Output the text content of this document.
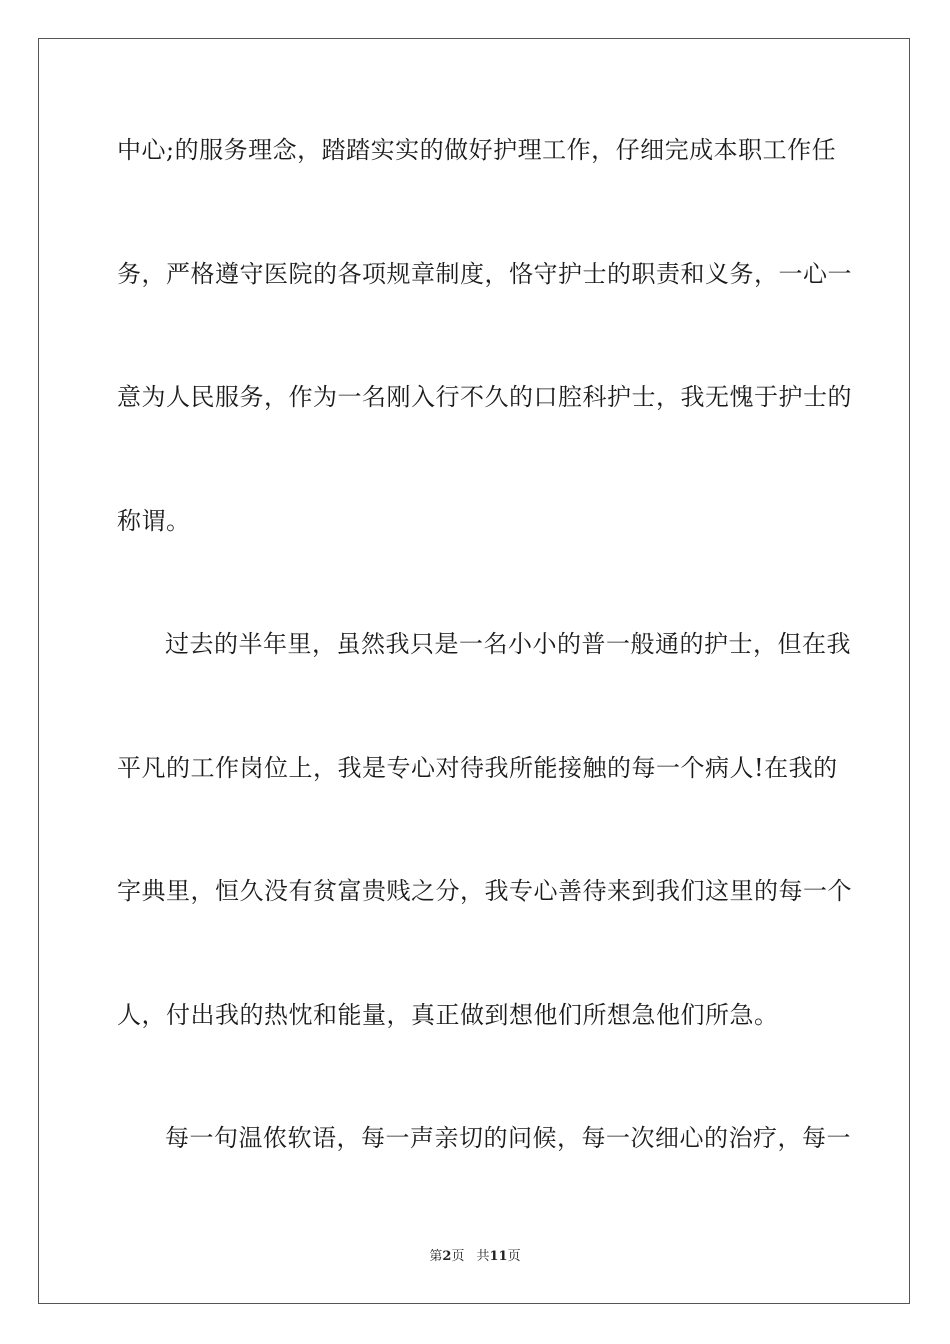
中心;的服务理念，踏踏实实的做好护理工作，仔细完成本职工作任
务，严格遵守医院的各项规章制度，恪守护士的职责和义务，一心一
意为人民服务，作为一名刚入行不久的口腔科护士，我无愧于护士的
称谓。
过去的半年里，虽然我只是一名小小的普一般通的护士，但在我
平凡的工作岗位上，我是专心对待我所能接触的每一个病人!在我的
字典里，恒久没有贫富贵贱之分，我专心善待来到我们这里的每一个
人，付出我的热忱和能量，真正做到想他们所想急他们所急。
每一句温侬软语，每一声亲切的问候，每一次细心的治疗，每一
第2页 共11页
